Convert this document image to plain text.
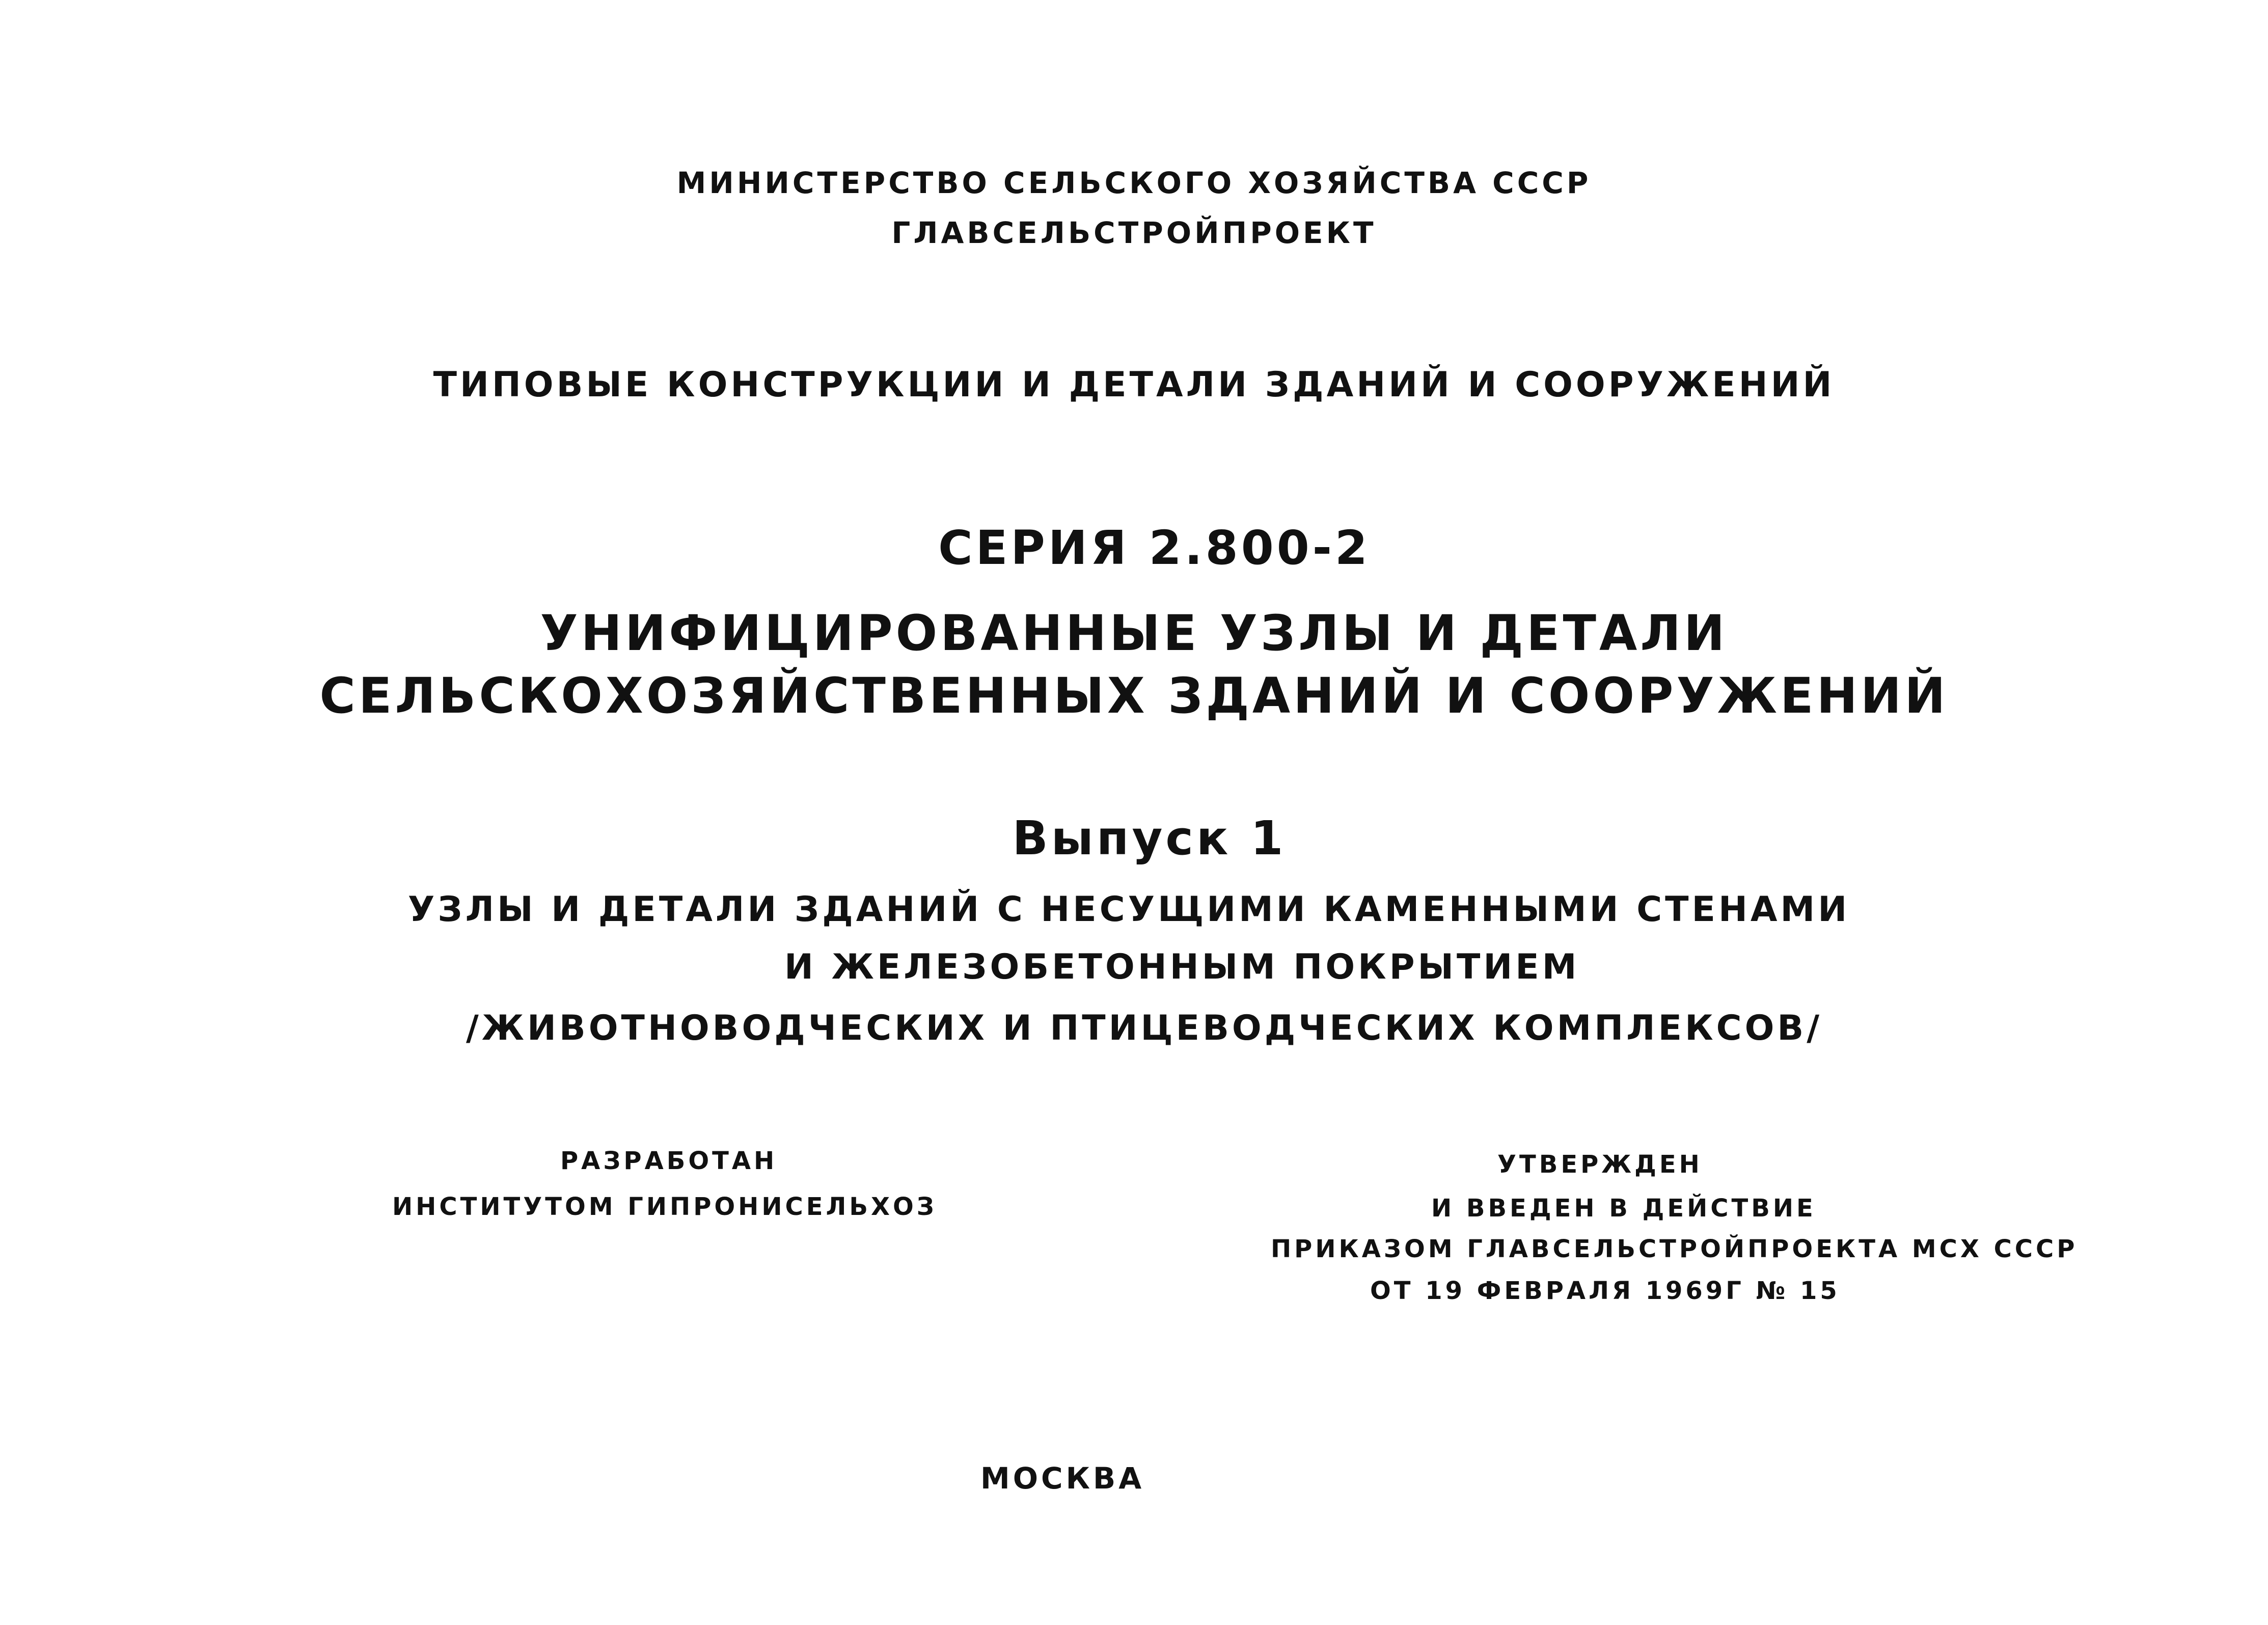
МИНИСТЕРСТВО СЕЛЬСКОГО ХОЗЯЙСТВА СССР
ГЛАВСЕЛЬСТРОЙПРОЕКТ
ТИПОВЫЕ КОНСТРУКЦИИ И ДЕТАЛИ ЗДАНИЙ И СООРУЖЕНИЙ
СЕРИЯ 2.800-2
УНИФИЦИРОВАННЫЕ УЗЛЫ И ДЕТАЛИ
СЕЛЬСКОХОЗЯЙСТВЕННЫХ ЗДАНИЙ И СООРУЖЕНИЙ
Выпуск 1
УЗЛЫ И ДЕТАЛИ ЗДАНИЙ С НЕСУЩИМИ КАМЕННЫМИ СТЕНАМИ
И ЖЕЛЕЗОБЕТОННЫМ ПОКРЫТИЕМ
/ЖИВОТНОВОДЧЕСКИХ И ПТИЦЕВОДЧЕСКИХ КОМПЛЕКСОВ/
РАЗРАБОТАН
ИНСТИТУТОМ ГИПРОНИСЕЛЬХОЗ
УТВЕРЖДЕН
И ВВЕДЕН В ДЕЙСТВИЕ
ПРИКАЗОМ ГЛАВСЕЛЬСТРОЙПРОЕКТА МСХ СССР
ОТ 19 ФЕВРАЛЯ 1969Г № 15
МОСКВА
